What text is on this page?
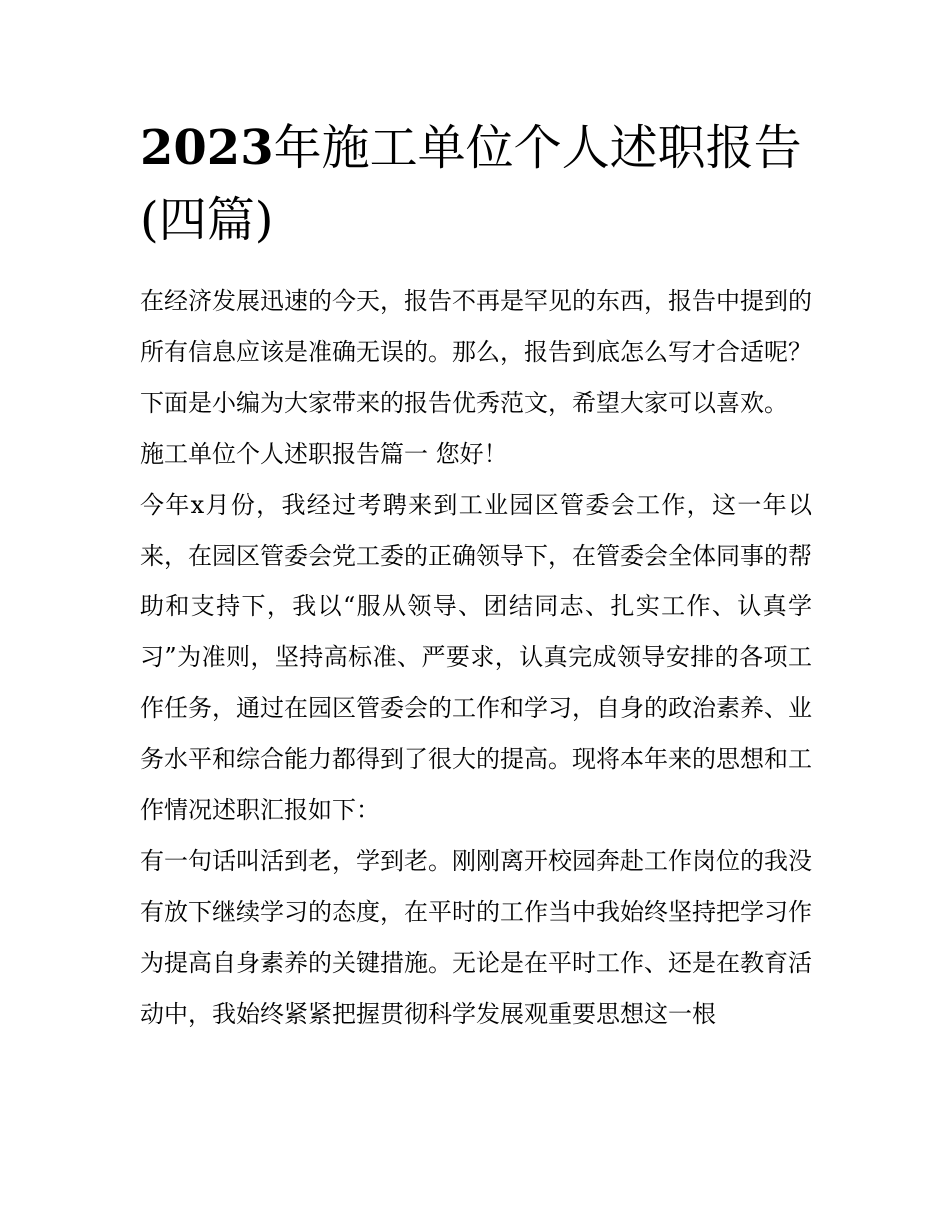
2023年施工单位个人述职报告(四篇)

在经济发展迅速的今天，报告不再是罕见的东西，报告中提到的所有信息应该是准确无误的。那么，报告到底怎么写才合适呢？下面是小编为大家带来的报告优秀范文，希望大家可以喜欢。

施工单位个人述职报告篇一 您好！

今年x月份，我经过考聘来到工业园区管委会工作，这一年以来，在园区管委会党工委的正确领导下，在管委会全体同事的帮助和支持下，我以“服从领导、团结同志、扎实工作、认真学习”为准则，坚持高标准、严要求，认真完成领导安排的各项工作任务，通过在园区管委会的工作和学习，自身的政治素养、业务水平和综合能力都得到了很大的提高。现将本年来的思想和工作情况述职汇报如下：

有一句话叫活到老，学到老。刚刚离开校园奔赴工作岗位的我没有放下继续学习的态度，在平时的工作当中我始终坚持把学习作为提高自身素养的关键措施。无论是在平时工作、还是在教育活动中，我始终紧紧把握贯彻科学发展观重要思想这一根
